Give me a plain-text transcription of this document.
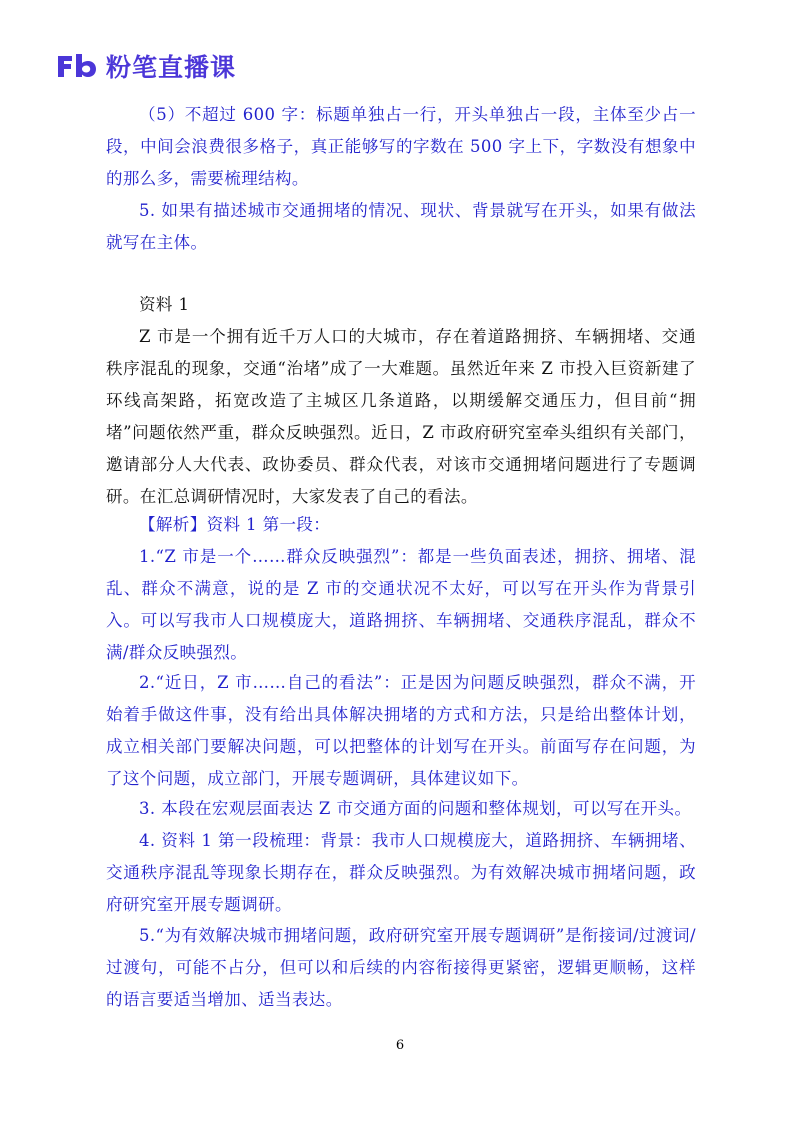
粉笔直播课

（5）不超过 600 字：标题单独占一行，开头单独占一段，主体至少占一段，中间会浪费很多格子，真正能够写的字数在 500 字上下，字数没有想象中的那么多，需要梳理结构。

5. 如果有描述城市交通拥堵的情况、现状、背景就写在开头，如果有做法就写在主体。

资料 1

Z 市是一个拥有近千万人口的大城市，存在着道路拥挤、车辆拥堵、交通秩序混乱的现象，交通“治堵”成了一大难题。虽然近年来 Z 市投入巨资新建了环线高架路，拓宽改造了主城区几条道路，以期缓解交通压力，但目前“拥堵”问题依然严重，群众反映强烈。近日，Z 市政府研究室牵头组织有关部门，邀请部分人大代表、政协委员、群众代表，对该市交通拥堵问题进行了专题调研。在汇总调研情况时，大家发表了自己的看法。

【解析】资料 1 第一段：

1.“Z 市是一个……群众反映强烈”：都是一些负面表述，拥挤、拥堵、混乱、群众不满意，说的是 Z 市的交通状况不太好，可以写在开头作为背景引入。可以写我市人口规模庞大，道路拥挤、车辆拥堵、交通秩序混乱，群众不满/群众反映强烈。

2.“近日，Z 市……自己的看法”：正是因为问题反映强烈，群众不满，开始着手做这件事，没有给出具体解决拥堵的方式和方法，只是给出整体计划，成立相关部门要解决问题，可以把整体的计划写在开头。前面写存在问题，为了这个问题，成立部门，开展专题调研，具体建议如下。

3. 本段在宏观层面表达 Z 市交通方面的问题和整体规划，可以写在开头。

4. 资料 1 第一段梳理：背景：我市人口规模庞大，道路拥挤、车辆拥堵、交通秩序混乱等现象长期存在，群众反映强烈。为有效解决城市拥堵问题，政府研究室开展专题调研。

5.“为有效解决城市拥堵问题，政府研究室开展专题调研”是衔接词/过渡词/过渡句，可能不占分，但可以和后续的内容衔接得更紧密，逻辑更顺畅，这样的语言要适当增加、适当表达。

6
